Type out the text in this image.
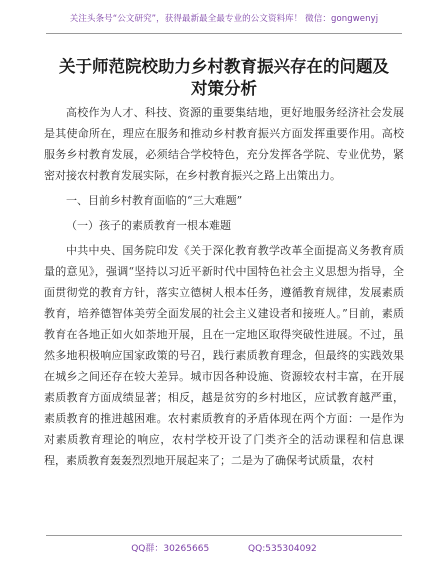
关注头条号“公文研究”，获得最新最全最专业的公文资料库！ 微信：gongwenyj
关于师范院校助力乡村教育振兴存在的问题及
对策分析

高校作为人才、科技、资源的重要集结地，更好地服务经济社会发展是其使命所在，理应在服务和推动乡村教育振兴方面发挥重要作用。高校服务乡村教育发展，必须结合学校特色，充分发挥各学院、专业优势，紧密对接农村教育发展实际，在乡村教育振兴之路上出策出力。

一、目前乡村教育面临的“三大难题”

（一）孩子的素质教育一根本难题

中共中央、国务院印发《关于深化教育教学改革全面提高义务教育质量的意见》，强调“坚持以习近平新时代中国特色社会主义思想为指导，全面贯彻党的教育方针，落实立德树人根本任务，遵循教育规律，发展素质教育，培养德智体美劳全面发展的社会主义建设者和接班人。”目前，素质教育在各地正如火如荼地开展，且在一定地区取得突破性进展。不过，虽然多地积极响应国家政策的号召，践行素质教育理念，但最终的实践效果在城乡之间还存在较大差异。城市因各种设施、资源较农村丰富，在开展素质教育方面成绩显著；相反，越是贫穷的乡村地区，应试教育越严重，素质教育的推进越困难。农村素质教育的矛盾体现在两个方面：一是作为对素质教育理论的响应，农村学校开设了门类齐全的活动课程和信息课程，素质教育轰轰烈烈地开展起来了；二是为了确保考试质量，农村

QQ群：30265665	QQ:535304092
